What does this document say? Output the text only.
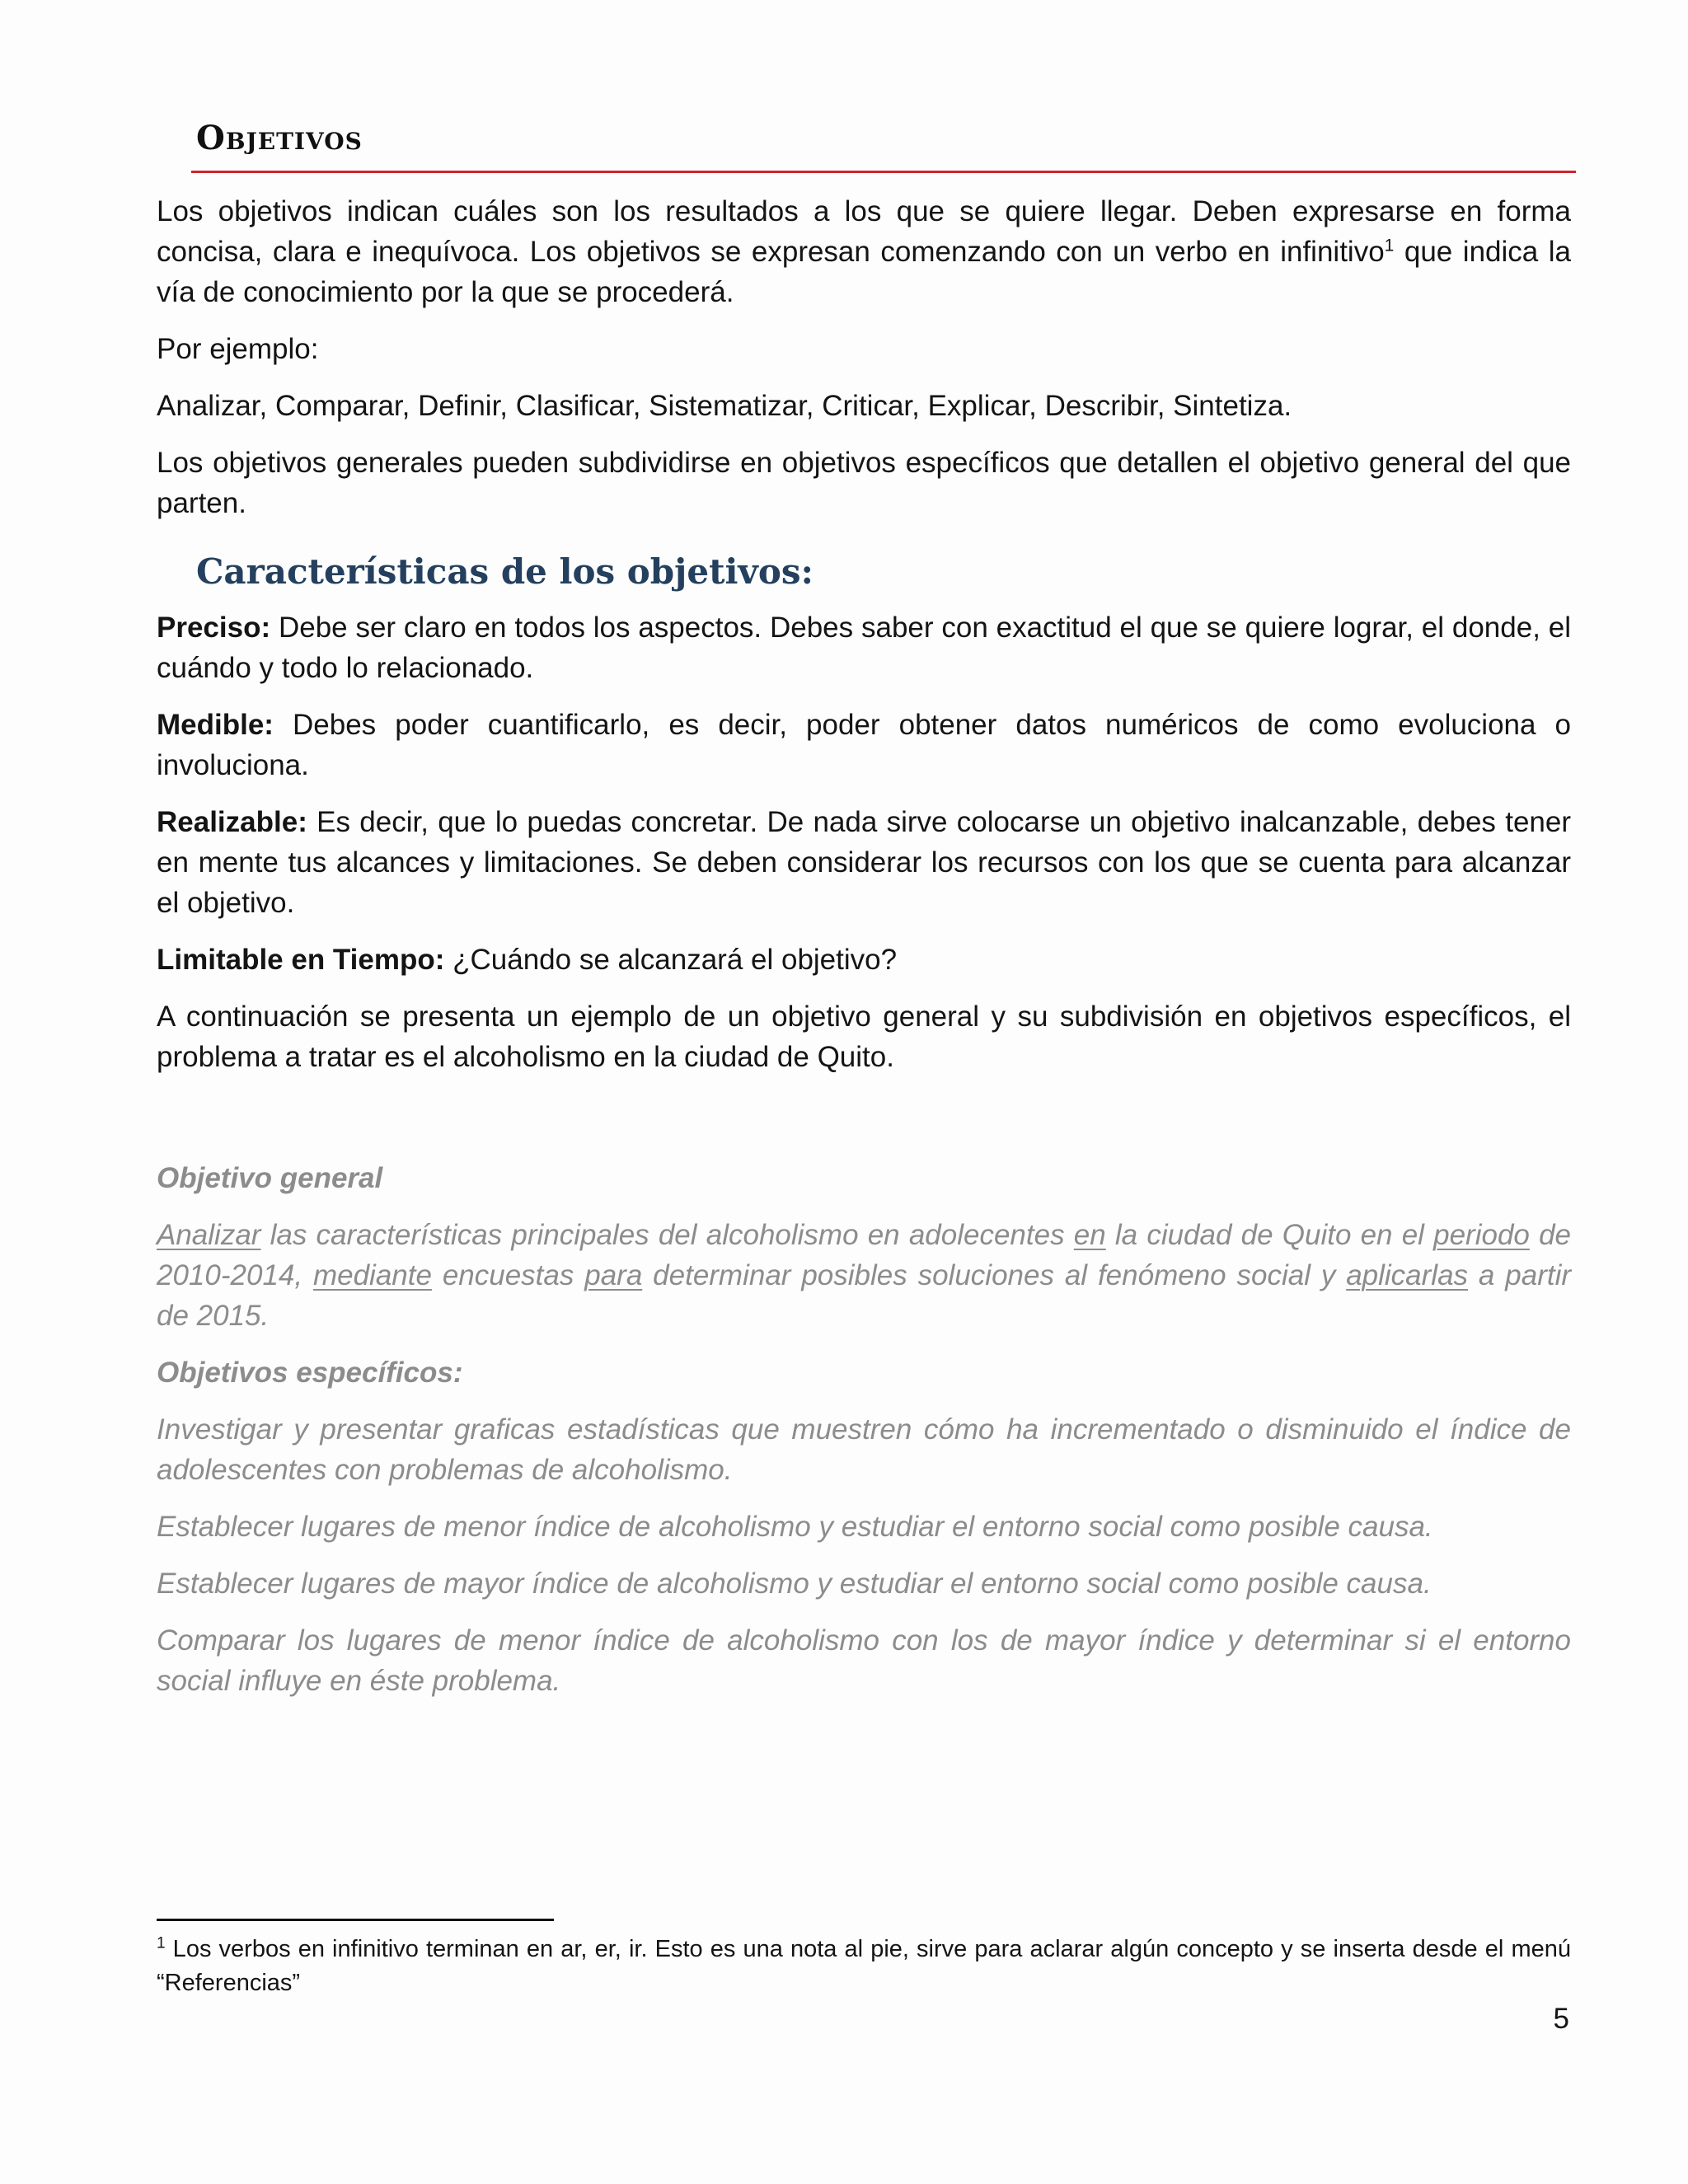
Objetivos

Los objetivos indican cuáles son los resultados a los que se quiere llegar. Deben expresarse en forma concisa, clara e inequívoca. Los objetivos se expresan comenzando con un verbo en infinitivo$^1$ que indica la vía de conocimiento por la que se procederá.

Por ejemplo:

Analizar, Comparar, Definir, Clasificar, Sistematizar, Criticar, Explicar, Describir, Sintetiza.

Los objetivos generales pueden subdividirse en objetivos específicos que detallen el objetivo general del que parten.

Características de los objetivos:

Preciso: Debe ser claro en todos los aspectos. Debes saber con exactitud el que se quiere lograr, el donde, el cuándo y todo lo relacionado.

Medible: Debes poder cuantificarlo, es decir, poder obtener datos numéricos de como evoluciona o involuciona.

Realizable: Es decir, que lo puedas concretar. De nada sirve colocarse un objetivo inalcanzable, debes tener en mente tus alcances y limitaciones. Se deben considerar los recursos con los que se cuenta para alcanzar el objetivo.

Limitable en Tiempo: ¿Cuándo se alcanzará el objetivo?

A continuación se presenta un ejemplo de un objetivo general y su subdivisión en objetivos específicos, el problema a tratar es el alcoholismo en la ciudad de Quito.

Objetivo general

Analizar las características principales del alcoholismo en adolecentes en la ciudad de Quito en el periodo de 2010-2014, mediante encuestas para determinar posibles soluciones al fenómeno social y aplicarlas a partir de 2015.

Objetivos específicos:

Investigar y presentar graficas estadísticas que muestren cómo ha incrementado o disminuido el índice de adolescentes con problemas de alcoholismo.

Establecer lugares de menor índice de alcoholismo y estudiar el entorno social como posible causa.

Establecer lugares de mayor índice de alcoholismo y estudiar el entorno social como posible causa.

Comparar los lugares de menor índice de alcoholismo con los de mayor índice y determinar si el entorno social influye en éste problema.

$^1$ Los verbos en infinitivo terminan en ar, er, ir. Esto es una nota al pie, sirve para aclarar algún concepto y se inserta desde el menú “Referencias”
5
